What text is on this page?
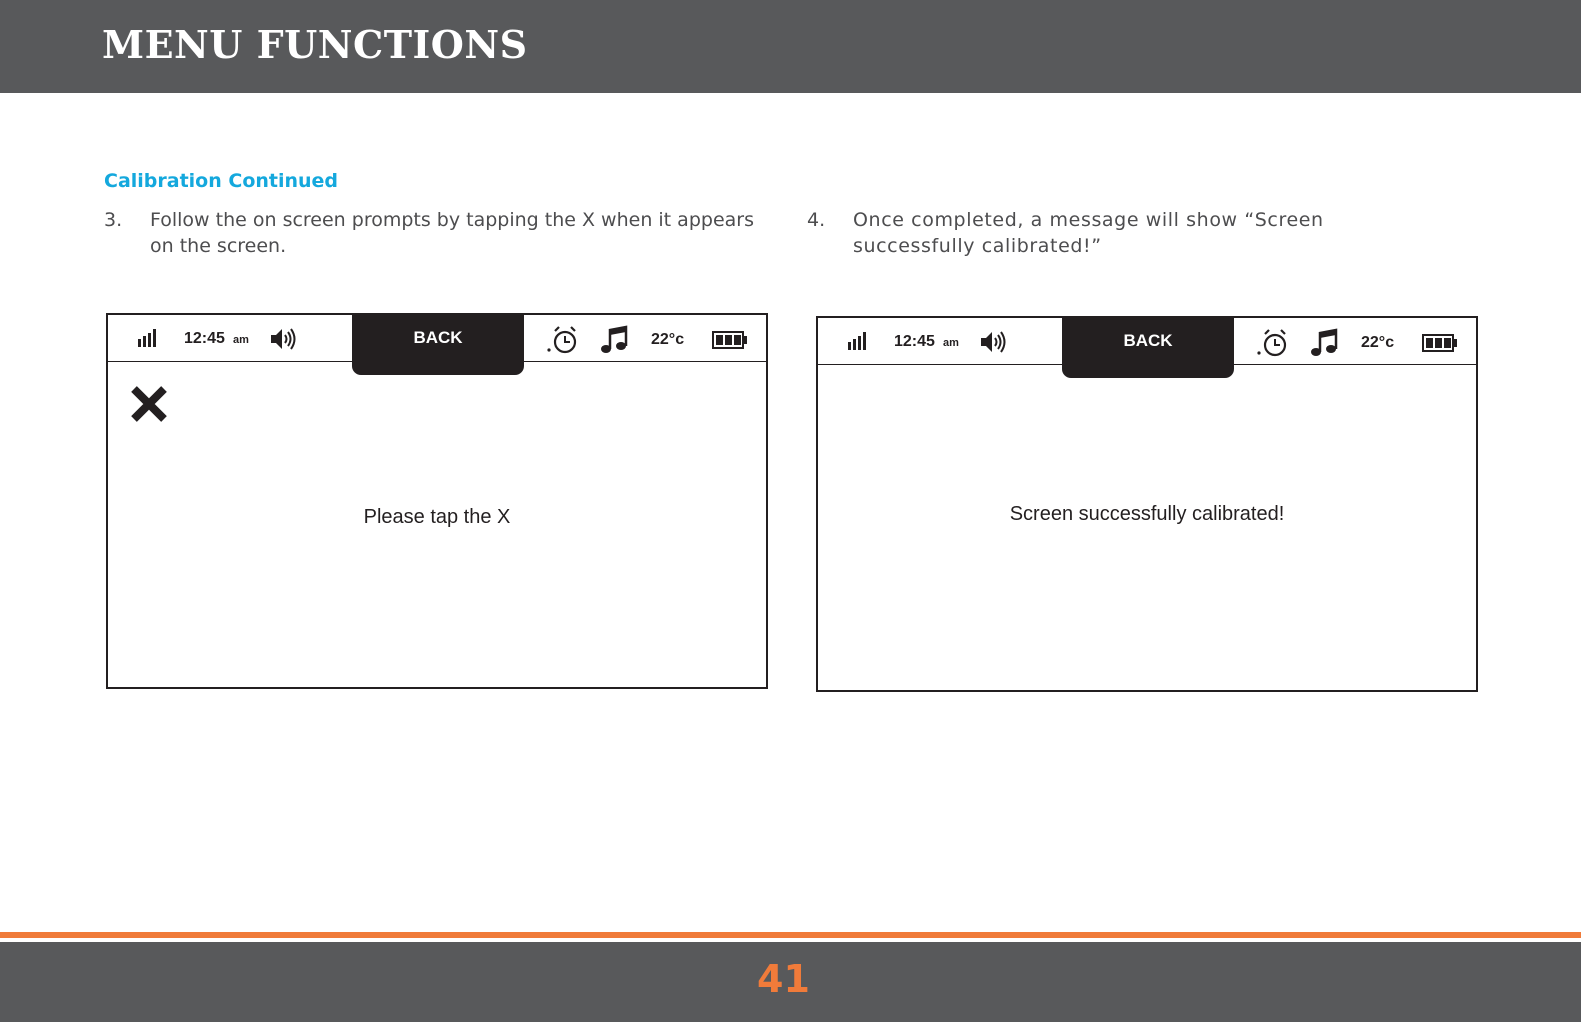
MENU FUNCTIONS
Calibration Continued
3. Follow the on screen prompts by tapping the X when it appears on the screen.
4. Once completed, a message will show “Screen successfully calibrated!”
12:45 am	BACK	22°c
Please tap the X
12:45 am	BACK	22°c
Screen successfully calibrated!
41
